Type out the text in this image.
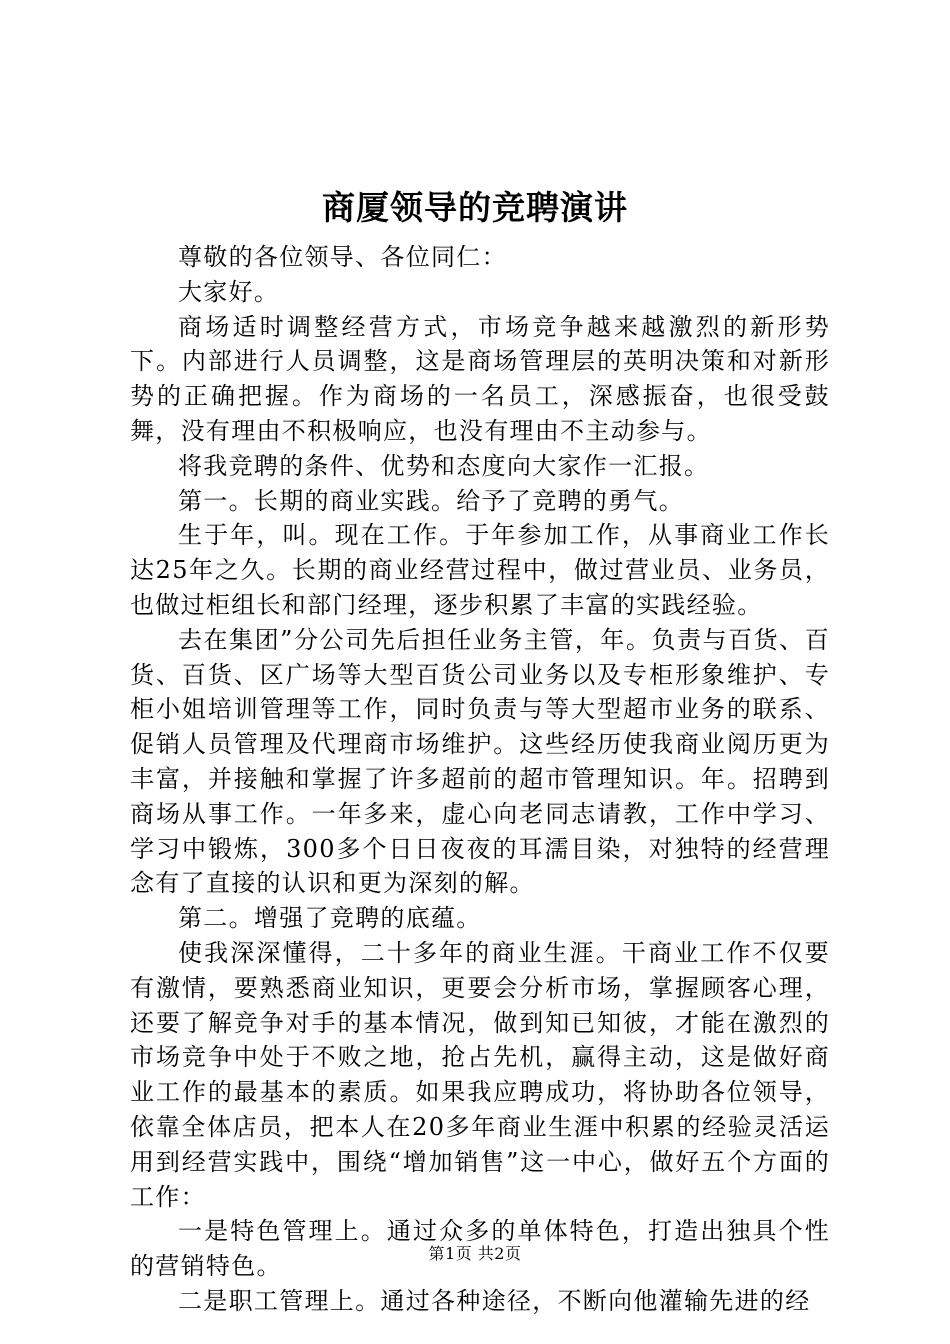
商厦领导的竞聘演讲

尊敬的各位领导、各位同仁：

大家好。

商场适时调整经营方式，市场竞争越来越激烈的新形势下。内部进行人员调整，这是商场管理层的英明决策和对新形势的正确把握。作为商场的一名员工，深感振奋，也很受鼓舞，没有理由不积极响应，也没有理由不主动参与。

将我竞聘的条件、优势和态度向大家作一汇报。

第一。长期的商业实践。给予了竞聘的勇气。

生于年，叫。现在工作。于年参加工作，从事商业工作长达25年之久。长期的商业经营过程中，做过营业员、业务员，也做过柜组长和部门经理，逐步积累了丰富的实践经验。

去在集团”分公司先后担任业务主管，年。负责与百货、百货、百货、区广场等大型百货公司业务以及专柜形象维护、专柜小姐培训管理等工作，同时负责与等大型超市业务的联系、促销人员管理及代理商市场维护。这些经历使我商业阅历更为丰富，并接触和掌握了许多超前的超市管理知识。年。招聘到商场从事工作。一年多来，虚心向老同志请教，工作中学习、学习中锻炼，300多个日日夜夜的耳濡目染，对独特的经营理念有了直接的认识和更为深刻的解。

第二。增强了竞聘的底蕴。

使我深深懂得，二十多年的商业生涯。干商业工作不仅要有激情，要熟悉商业知识，更要会分析市场，掌握顾客心理，还要了解竞争对手的基本情况，做到知已知彼，才能在激烈的市场竞争中处于不败之地，抢占先机，赢得主动，这是做好商业工作的最基本的素质。如果我应聘成功，将协助各位领导，依靠全体店员，把本人在20多年商业生涯中积累的经验灵活运用到经营实践中，围绕“增加销售”这一中心，做好五个方面的工作：

一是特色管理上。通过众多的单体特色，打造出独具个性的营销特色。

二是职工管理上。通过各种途径，不断向他灌输先进的经

第1页 共2页
